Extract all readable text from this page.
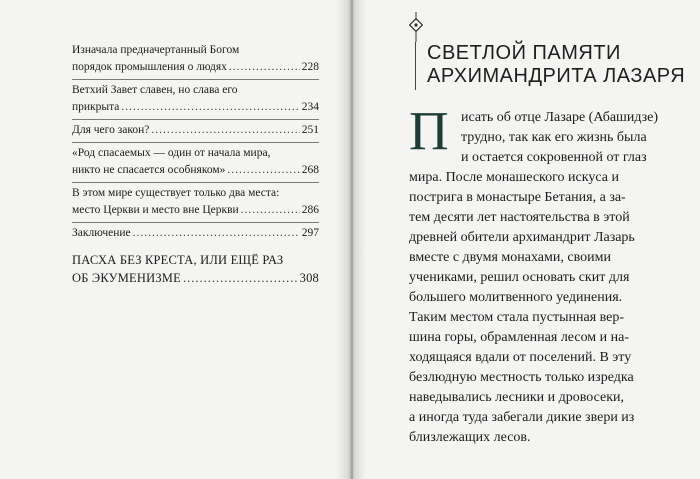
Изначала предначертанный Богом
порядок промышления о людях .....	228
Ветхий Завет славен, но слава его
прикрыта .....	234
Для чего закон? .....	251
«Род спасаемых — один от начала мира,
никто не спасается особняком» .....	268
В этом мире существует только два места:
место Церкви и место вне Церкви .....	286
Заключение .....	297
ПАСХА БЕЗ КРЕСТА, ИЛИ ЕЩЁ РАЗ
ОБ ЭКУМЕНИЗМЕ .....	308
СВЕТЛОЙ ПАМЯТИ
АРХИМАНДРИТА ЛАЗАРЯ
П исать об отце Лазаре (Абашидзе)
трудно, так как его жизнь была
и остается сокровенной от глаз
мира. После монашеского искуса и
пострига в монастыре Бетания, а за-
тем десяти лет настоятельства в этой
древней обители архимандрит Лазарь
вместе с двумя монахами, своими
учениками, решил основать скит для
большего молитвенного уединения.
Таким местом стала пустынная вер-
шина горы, обрамленная лесом и на-
ходящаяся вдали от поселений. В эту
безлюдную местность только изредка
наведывались лесники и дровосеки,
а иногда туда забегали дикие звери из
близлежащих лесов.
